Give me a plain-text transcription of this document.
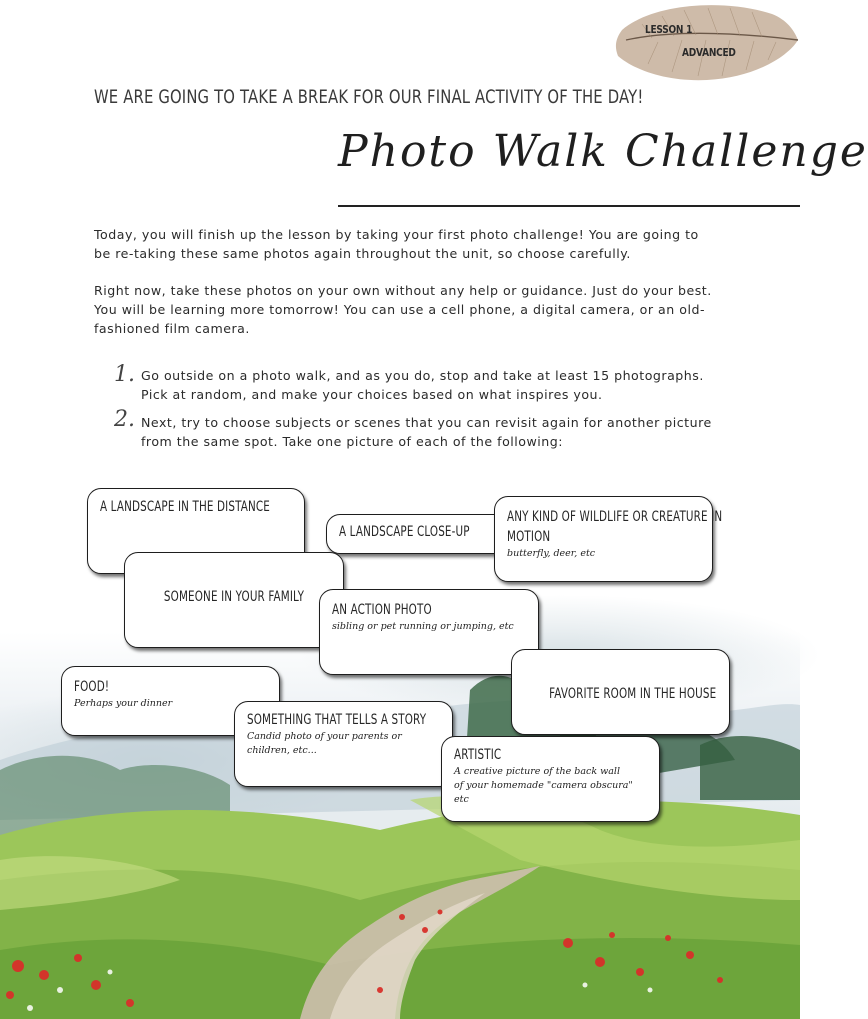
LESSON 1
ADVANCED
WE ARE GOING TO TAKE A BREAK FOR OUR FINAL ACTIVITY OF THE DAY!
Photo Walk Challenge

Today, you will finish up the lesson by taking your first photo challenge! You are going to be re-taking these same photos again throughout the unit, so choose carefully.

Right now, take these photos on your own without any help or guidance. Just do your best. You will be learning more tomorrow! You can use a cell phone, a digital camera, or an old-fashioned film camera.

1. Go outside on a photo walk, and as you do, stop and take at least 15 photographs. Pick at random, and make your choices based on what inspires you.

2. Next, try to choose subjects or scenes that you can revisit again for another picture from the same spot. Take one picture of each of the following:

A LANDSCAPE IN THE DISTANCE
A LANDSCAPE CLOSE-UP
ANY KIND OF WILDLIFE OR CREATURE IN
MOTION
butterfly, deer, etc
SOMEONE IN YOUR FAMILY
AN ACTION PHOTO
sibling or pet running or jumping, etc
FOOD!
Perhaps your dinner
FAVORITE ROOM IN THE HOUSE
SOMETHING THAT TELLS A STORY
Candid photo of your parents or
children, etc...	ARTISTIC
A creative picture of the back wall
of your homemade "camera obscura"
etc
